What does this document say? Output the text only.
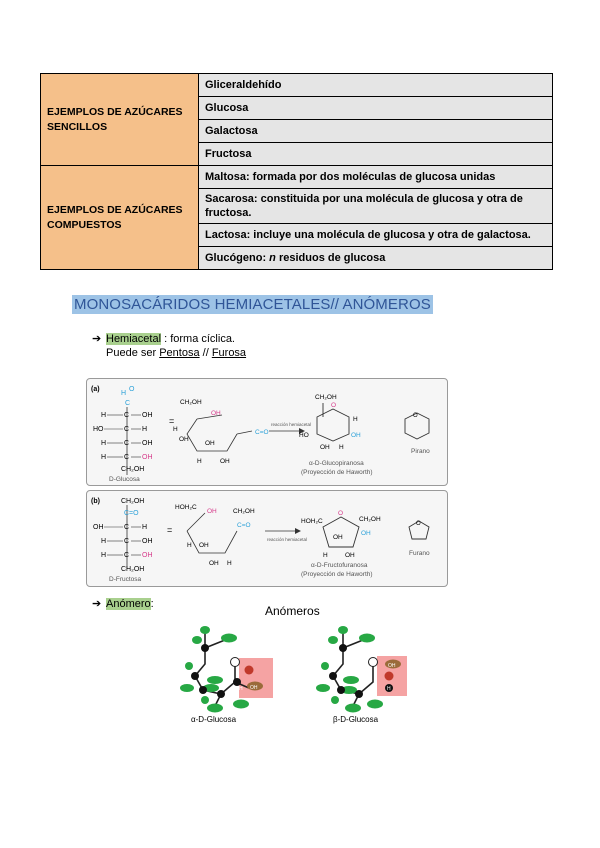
EJEMPLOS DE AZÚCARES SENCILLOS	Gliceraldehído
	Glucosa
	Galactosa
	Fructosa
EJEMPLOS DE AZÚCARES COMPUESTOS	Maltosa: formada por dos moléculas de glucosa unidas
	Sacarosa: constituida por una molécula de glucosa y otra de fructosa.
	Lactosa: incluye una molécula de glucosa y otra de galactosa.
	Glucógeno: n residuos de glucosa
MONOSACÁRIDOS HEMIACETALES// ANÓMEROS
➔ Hemiacetal : forma cíclica.
Puede ser Pentosa // Furosa
(a)
H
O
C
H	C OH
HO	C H
H	C OH
H	C OH
CH₂OH
D-Glucosa
CH₂OH
OH
C=O
OH
OH
H	OH
H
=	reacción hemiacetal
CH₂OH
O
HO
OH H
OH
H
α-D-Glucopiranosa
(Proyección de Haworth)
O
Pirano
(b)	CH₂OH
C=O
OH	C H
H	C OH
H	C OH
CH₂OH
D-Fructosa
=
HOH₂C
OH	CH₂OH
C=O
H OH
OH H
reacción hemiacetal
HOH₂C
O
CH₂OH
OH
H	OH
OH
α-D-Fructofuranosa
(Proyección de Haworth)
O
Furano
➔ Anómero:	Anómeros
H OH
α-D-Glucosa
OH
H
β-D-Glucosa
